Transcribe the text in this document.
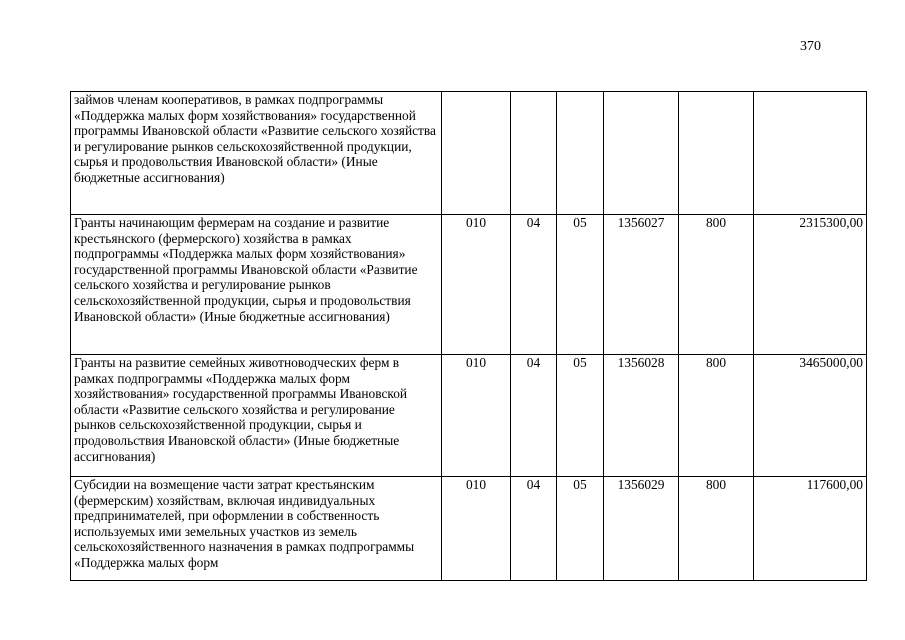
370
займов членам кооперативов, в рамках подпрограммы «Поддержка малых форм хозяйствования» государственной программы Ивановской области «Развитие сельского хозяйства и регулирование рынков сельскохозяйственной продукции, сырья и продовольствия Ивановской области» (Иные бюджетные ассигнования)						
Гранты начинающим фермерам на создание и развитие крестьянского (фермерского) хозяйства в рамках подпрограммы «Поддержка малых форм хозяйствования» государственной программы Ивановской области «Развитие сельского хозяйства и регулирование рынков сельскохозяйственной продукции, сырья и продовольствия Ивановской области» (Иные бюджетные ассигнования)	010	04	05	1356027	800	2315300,00
Гранты на развитие семейных животноводческих ферм в рамках подпрограммы «Поддержка малых форм хозяйствования» государственной программы Ивановской области «Развитие сельского хозяйства и регулирование рынков сельскохозяйственной продукции, сырья и продовольствия Ивановской области» (Иные бюджетные ассигнования)	010	04	05	1356028	800	3465000,00
Субсидии на возмещение части затрат крестьянским (фермерским) хозяйствам, включая индивидуальных предпринимателей, при оформлении в собственность используемых ими земельных участков из земель сельскохозяйственного назначения в рамках подпрограммы «Поддержка малых форм	010	04	05	1356029	800	117600,00
